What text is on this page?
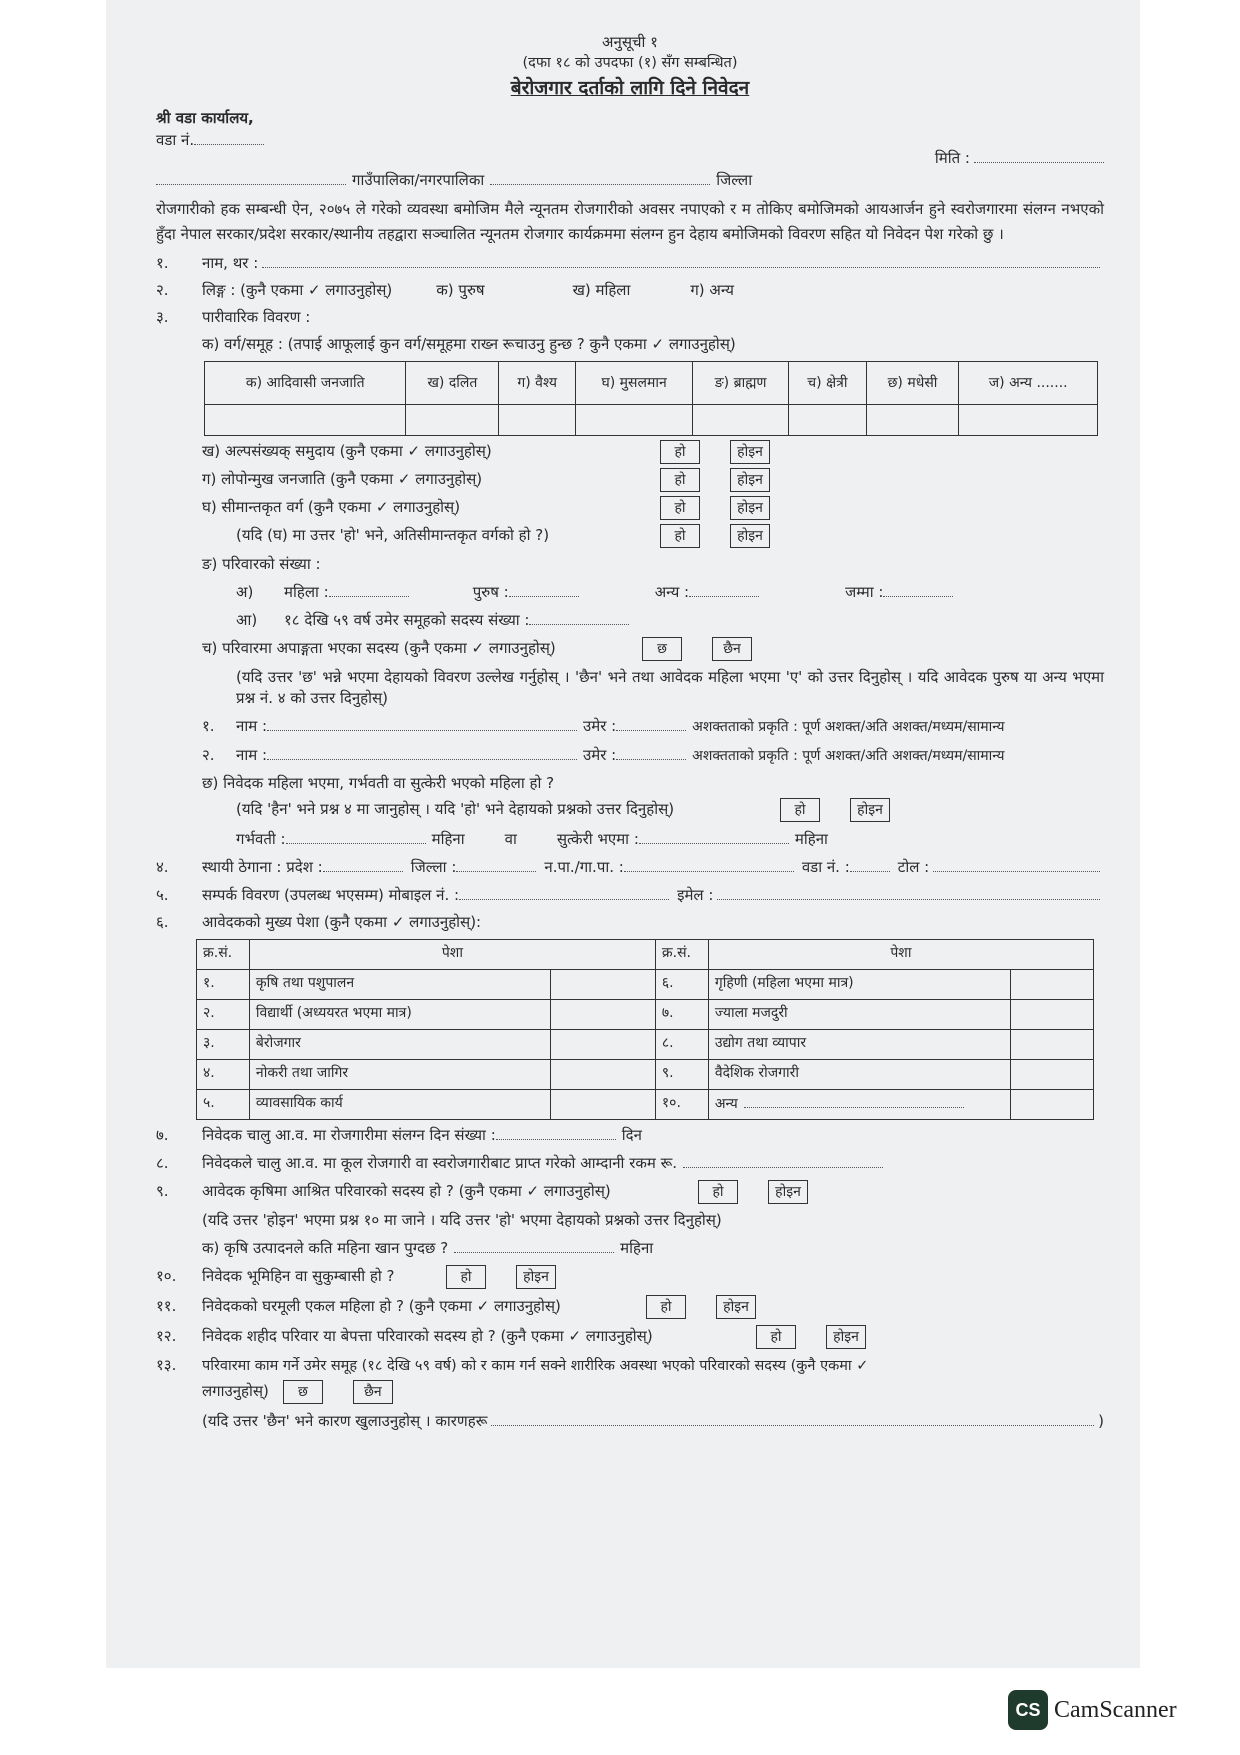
अनुसूची १
(दफा १८ को उपदफा (१) सँग सम्बन्धित)
बेरोजगार दर्ताको लागि दिने निवेदन
श्री वडा कार्यालय,
वडा नं.
मिति :
गाउँपालिका/नगरपालिका	जिल्ला
रोजगारीको हक सम्बन्धी ऐन, २०७५ ले गरेको व्यवस्था बमोजिम मैले न्यूनतम रोजगारीको अवसर नपाएको र म तोकिए बमोजिमको आयआर्जन हुने स्वरोजगारमा संलग्न नभएको हुँदा नेपाल सरकार/प्रदेश सरकार/स्थानीय तहद्वारा सञ्चालित न्यूनतम रोजगार कार्यक्रममा संलग्न हुन देहाय बमोजिमको विवरण सहित यो निवेदन पेश गरेको छु ।
१.	नाम, थर :
२.	लिङ्ग : (कुनै एकमा ✓ लगाउनुहोस्)	क) पुरुष	ख) महिला	ग) अन्य
३.	पारीवारिक विवरण :
क) वर्ग/समूह : (तपाई आफूलाई कुन वर्ग/समूहमा राख्न रूचाउनु हुन्छ ? कुनै एकमा ✓ लगाउनुहोस्)
क) आदिवासी जनजाति	ख) दलित	ग) वैश्य	घ) मुसलमान	ङ) ब्राह्मण	च) क्षेत्री	छ) मधेसी	ज) अन्य .......

ख) अल्पसंख्यक् समुदाय (कुनै एकमा ✓ लगाउनुहोस्)	हो	होइन
ग) लोपोन्मुख जनजाति (कुनै एकमा ✓ लगाउनुहोस्)	हो	होइन
घ) सीमान्तकृत वर्ग (कुनै एकमा ✓ लगाउनुहोस्)	हो	होइन
(यदि (घ) मा उत्तर 'हो' भने, अतिसीमान्तकृत वर्गको हो ?)	हो	होइन
ङ) परिवारको संख्या :
अ)	महिला :	पुरुष :	अन्य :	जम्मा :
आ)	१८ देखि ५९ वर्ष उमेर समूहको सदस्य संख्या :
च) परिवारमा अपाङ्गता भएका सदस्य (कुनै एकमा ✓ लगाउनुहोस्)	छ	छैन
(यदि उत्तर 'छ' भन्ने भएमा देहायको विवरण उल्लेख गर्नुहोस् । 'छैन' भने तथा आवेदक महिला भएमा 'ए' को उत्तर दिनुहोस् । यदि आवेदक पुरुष या अन्य भएमा प्रश्न नं. ४ को उत्तर दिनुहोस्)
१.	नाम :	उमेर :	अशक्तताको प्रकृति : पूर्ण अशक्त/अति अशक्त/मध्यम/सामान्य
२.	नाम :	उमेर :	अशक्तताको प्रकृति : पूर्ण अशक्त/अति अशक्त/मध्यम/सामान्य
छ) निवेदक महिला भएमा, गर्भवती वा सुत्केरी भएको महिला हो ?
(यदि 'हैन' भने प्रश्न ४ मा जानुहोस् । यदि 'हो' भने देहायको प्रश्नको उत्तर दिनुहोस्)	हो	होइन
गर्भवती :	महिना	वा	सुत्केरी भएमा :	महिना
४.	स्थायी ठेगाना : प्रदेश :	जिल्ला :	न.पा./गा.पा. :	वडा नं. :	टोल :
५.	सम्पर्क विवरण (उपलब्ध भएसम्म) मोबाइल नं. :	इमेल :
६.	आवेदकको मुख्य पेशा (कुनै एकमा ✓ लगाउनुहोस्):
क्र.सं.	पेशा		क्र.सं.	पेशा	
१.	कृषि तथा पशुपालन		६.	गृहिणी (महिला भएमा मात्र)	
२.	विद्यार्थी (अध्ययरत भएमा मात्र)		७.	ज्याला मजदुरी	
३.	बेरोजगार		८.	उद्योग तथा व्यापार	
४.	नोकरी तथा जागिर		९.	वैदेशिक रोजगारी	
५.	व्यावसायिक कार्य		१०.	अन्य	
७.	निवेदक चालु आ.व. मा रोजगारीमा संलग्न दिन संख्या :	दिन
८.	निवेदकले चालु आ.व. मा कूल रोजगारी वा स्वरोजगारीबाट प्राप्त गरेको आम्दानी रकम रू.
९.	आवेदक कृषिमा आश्रित परिवारको सदस्य हो ? (कुनै एकमा ✓ लगाउनुहोस्)	हो	होइन
(यदि उत्तर 'होइन' भएमा प्रश्न १० मा जाने । यदि उत्तर 'हो' भएमा देहायको प्रश्नको उत्तर दिनुहोस्)
क) कृषि उत्पादनले कति महिना खान पुग्दछ ?	महिना
१०.	निवेदक भूमिहिन वा सुकुम्बासी हो ?	हो	होइन
११.	निवेदकको घरमूली एकल महिला हो ? (कुनै एकमा ✓ लगाउनुहोस्)	हो	होइन
१२.	निवेदक शहीद परिवार या बेपत्ता परिवारको सदस्य हो ? (कुनै एकमा ✓ लगाउनुहोस्)	हो	होइन
१३.	परिवारमा काम गर्ने उमेर समूह (१८ देखि ५९ वर्ष) को र काम गर्न सक्ने शारीरिक अवस्था भएको परिवारको सदस्य (कुनै एकमा ✓
लगाउनुहोस्)	छ	छैन
(यदि उत्तर 'छैन' भने कारण खुलाउनुहोस् । कारणहरू	)
CS CamScanner
